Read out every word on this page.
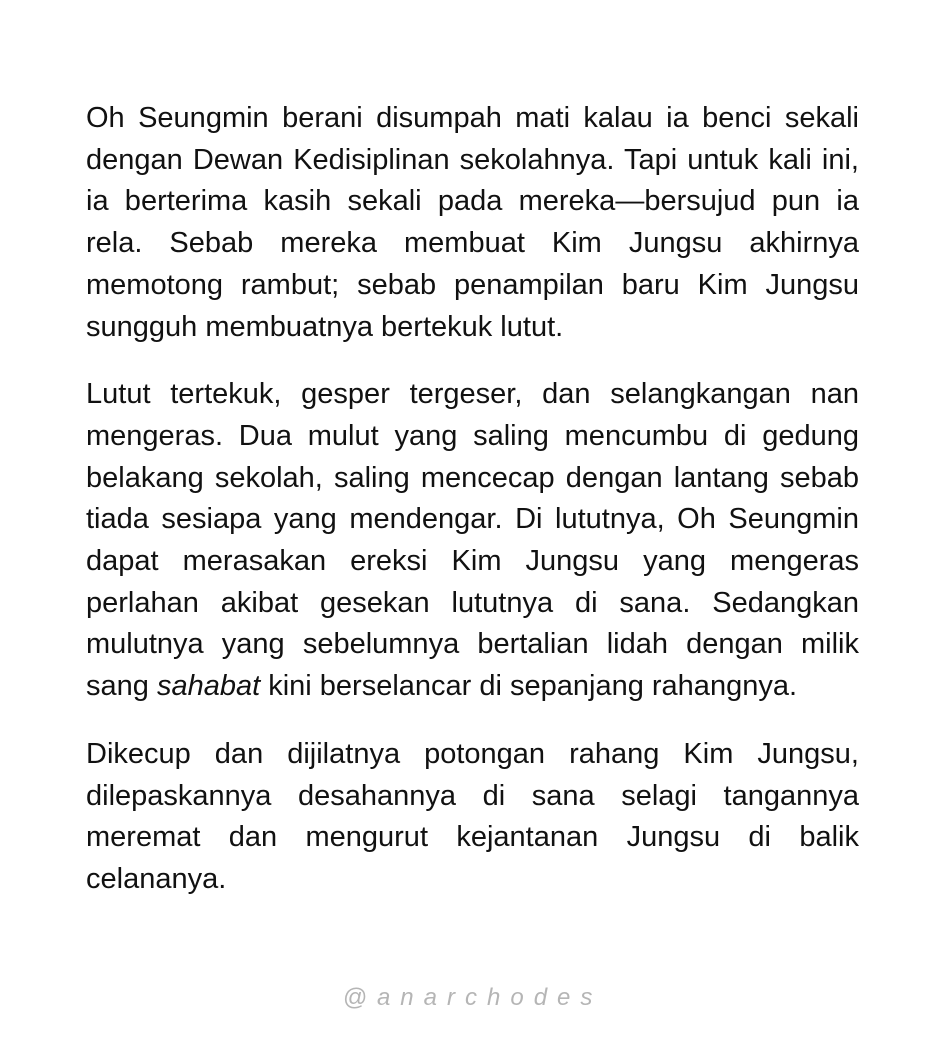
Oh Seungmin berani disumpah mati kalau ia benci sekali dengan Dewan Kedisiplinan sekolahnya. Tapi untuk kali ini, ia berterima kasih sekali pada mereka—bersujud pun ia rela. Sebab mereka membuat Kim Jungsu akhirnya memotong rambut; sebab penampilan baru Kim Jungsu sungguh membuatnya bertekuk lutut.

Lutut tertekuk, gesper tergeser, dan selangkangan nan mengeras. Dua mulut yang saling mencumbu di gedung belakang sekolah, saling mencecap dengan lantang sebab tiada sesiapa yang mendengar. Di lututnya, Oh Seungmin dapat merasakan ereksi Kim Jungsu yang mengeras perlahan akibat gesekan lututnya di sana. Sedangkan mulutnya yang sebelumnya bertalian lidah dengan milik sang sahabat kini berselancar di sepanjang rahangnya.

Dikecup dan dijilatnya potongan rahang Kim Jungsu, dilepaskannya desahannya di sana selagi tangannya meremat dan mengurut kejantanan Jungsu di balik celananya.

@anarchodes
